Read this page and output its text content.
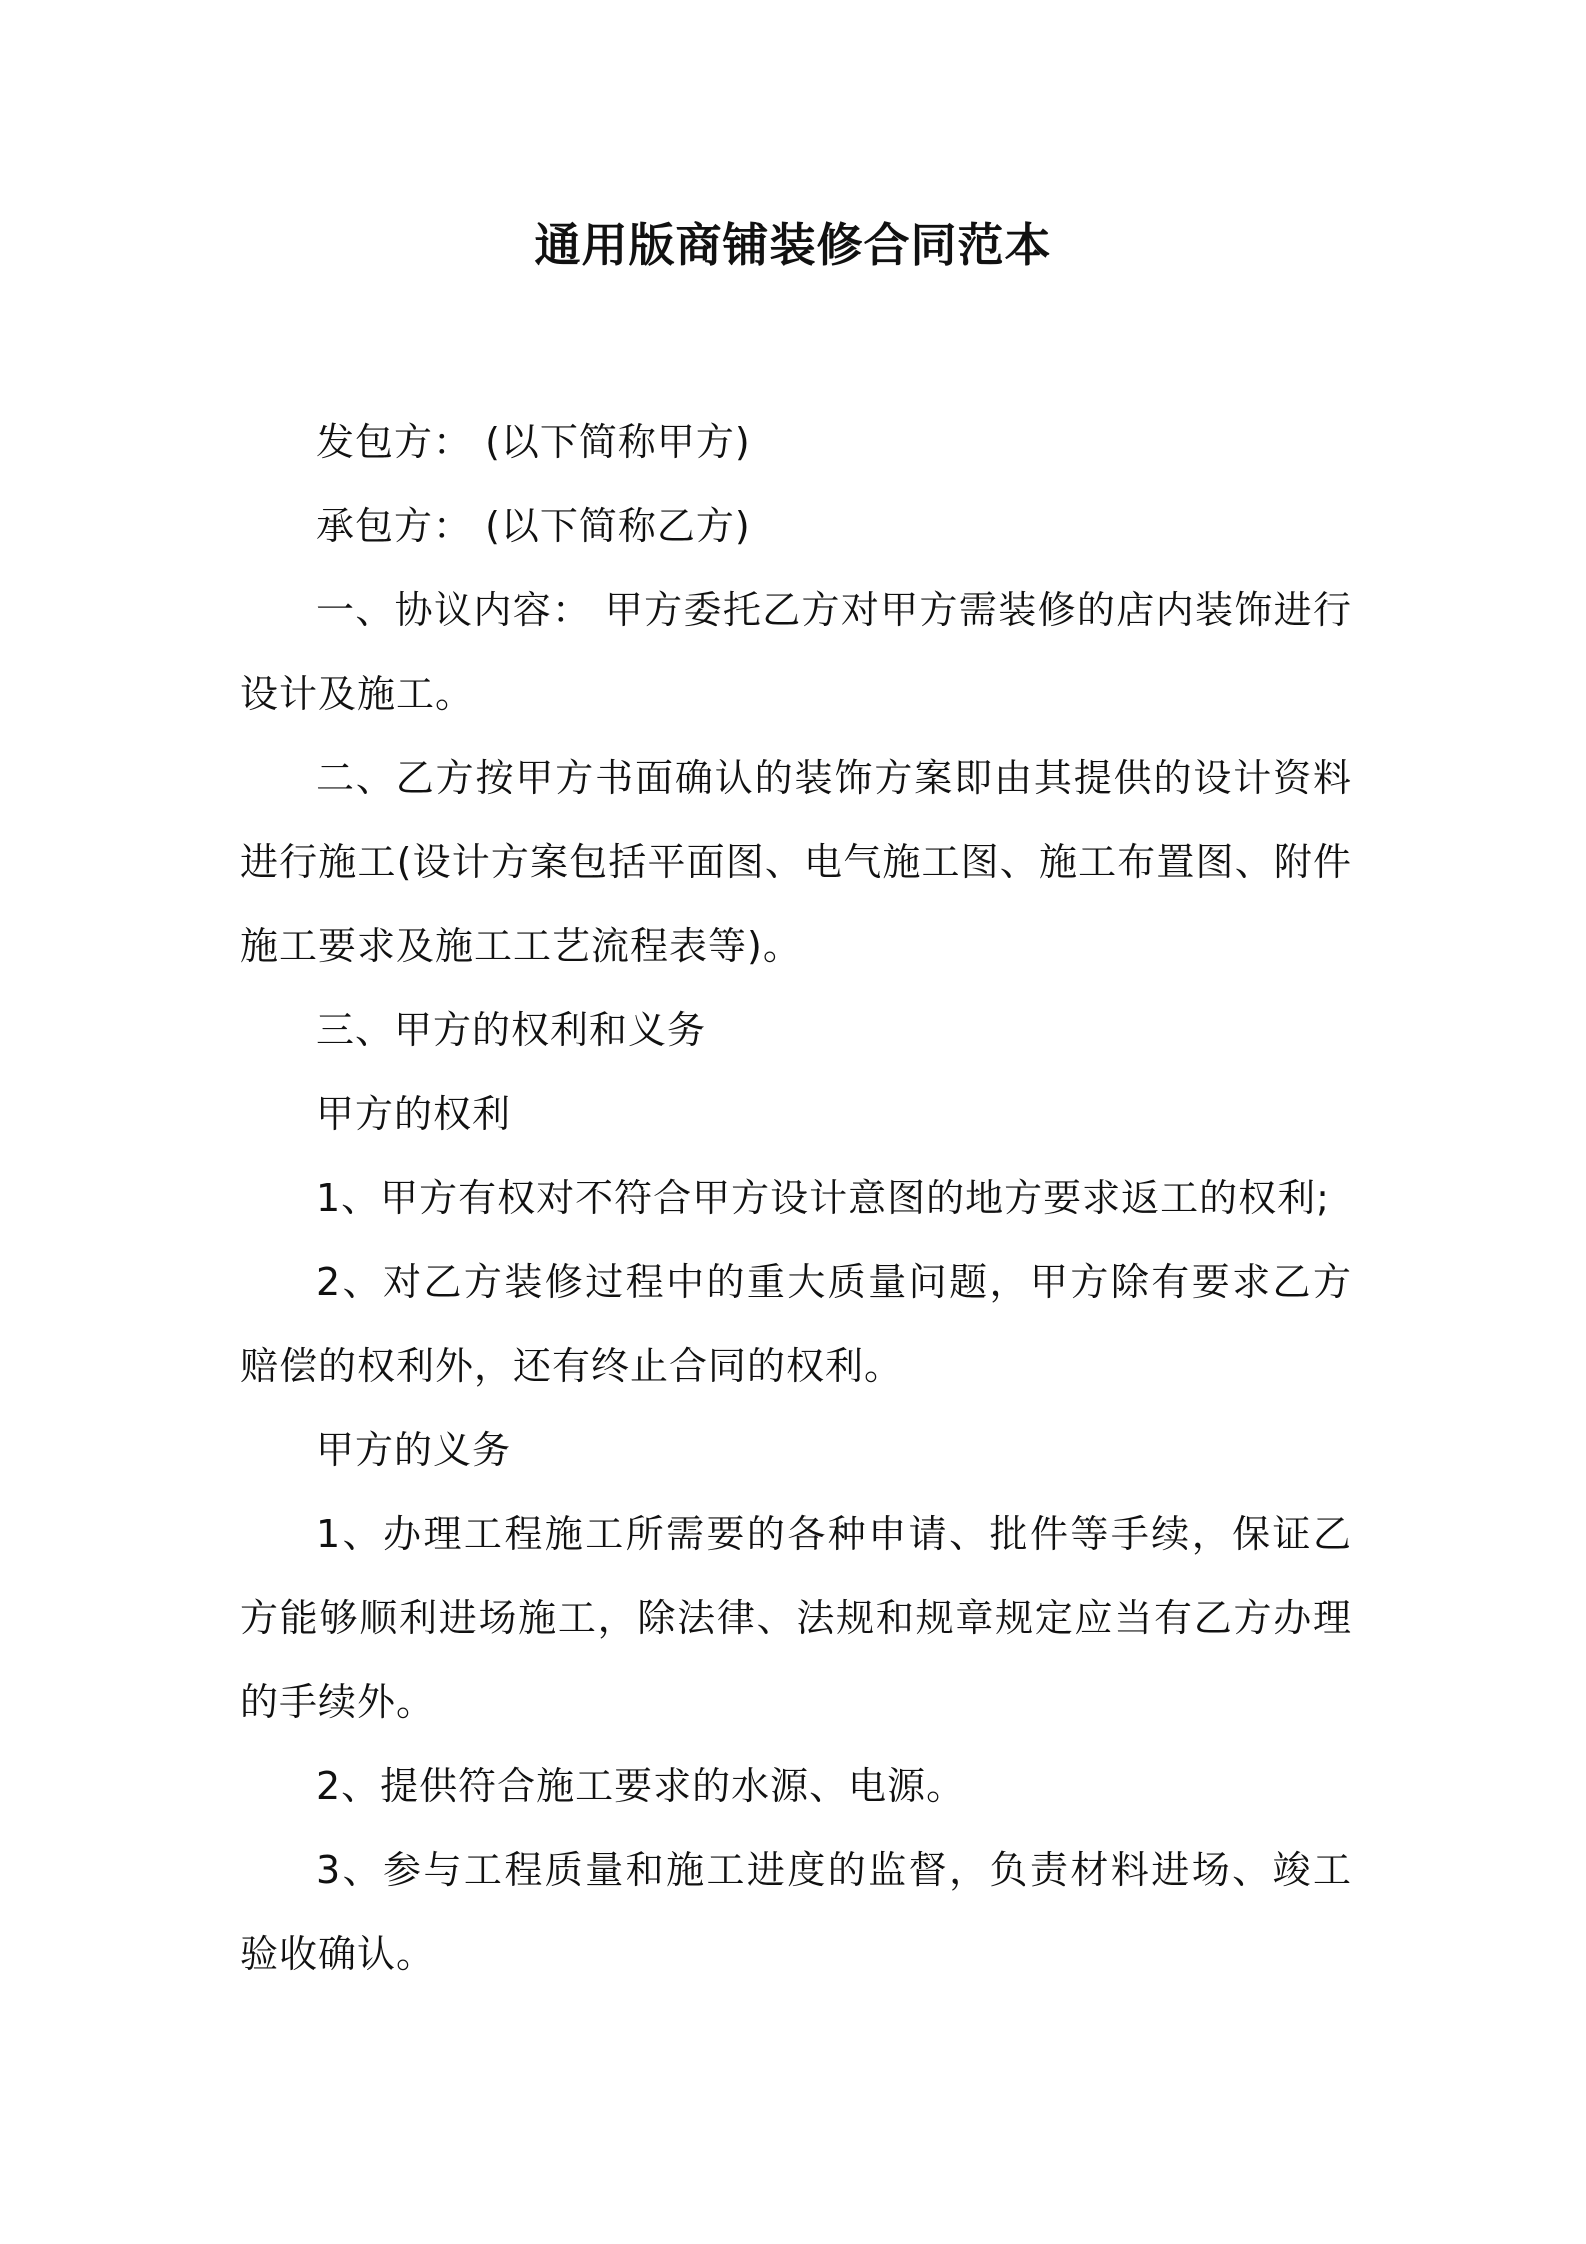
通用版商铺装修合同范本

发包方： (以下简称甲方)

承包方： (以下简称乙方)

一、协议内容： 甲方委托乙方对甲方需装修的店内装饰进行设计及施工。

二、乙方按甲方书面确认的装饰方案即由其提供的设计资料进行施工(设计方案包括平面图、电气施工图、施工布置图、附件施工要求及施工工艺流程表等)。

三、甲方的权利和义务

甲方的权利

1、甲方有权对不符合甲方设计意图的地方要求返工的权利;

2、对乙方装修过程中的重大质量问题，甲方除有要求乙方赔偿的权利外，还有终止合同的权利。

甲方的义务

1、办理工程施工所需要的各种申请、批件等手续，保证乙方能够顺利进场施工，除法律、法规和规章规定应当有乙方办理的手续外。

2、提供符合施工要求的水源、电源。

3、参与工程质量和施工进度的监督，负责材料进场、竣工验收确认。
